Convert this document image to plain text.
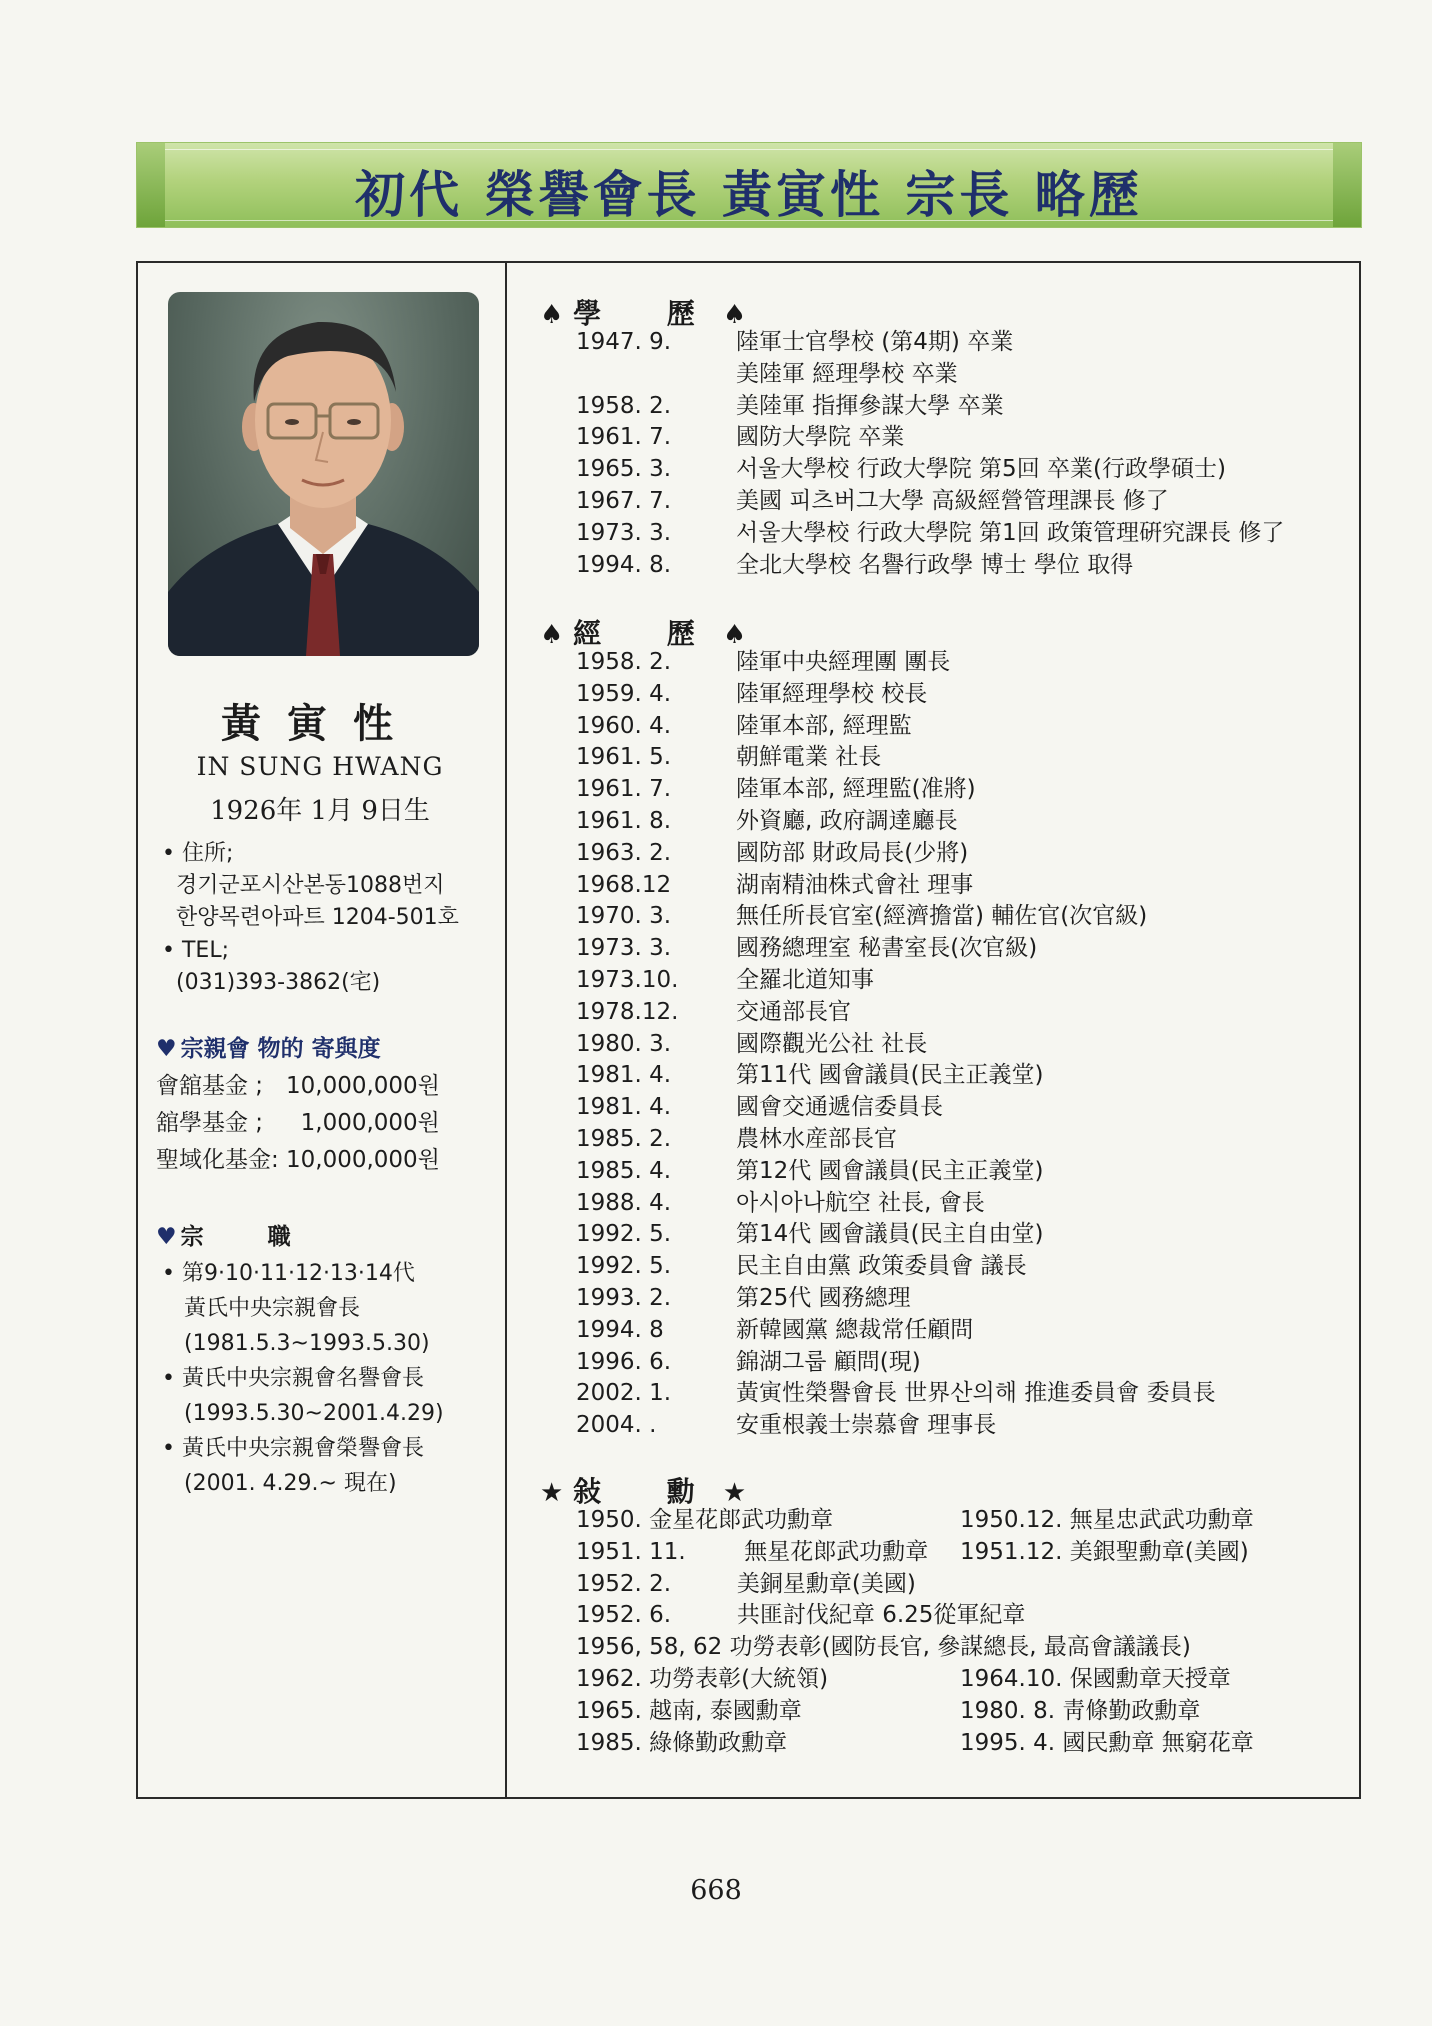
初代 榮譽會長 黃寅性 宗長 略歷
黃寅性
IN SUNG HWANG
1926年 1月 9日生
• 住所;
경기군포시산본동1088번지
한양목련아파트 1204-501호
• TEL;
(031)393-3862(宅)
♥ 宗親會 物的 寄與度
會舘基金 ; 10,000,000원
舘學基金 ;  1,000,000원
聖域化基金: 10,000,000원
♥ 宗 職
• 第9·10·11·12·13·14代
黃氏中央宗親會長
(1981.5.3~1993.5.30)
• 黃氏中央宗親會名譽會長
(1993.5.30~2001.4.29)
• 黃氏中央宗親會榮譽會長
(2001. 4.29.~ 現在)
♠ 學 歷♠
1947. 9.	陸軍士官學校 (第4期) 卒業
美陸軍 經理學校 卒業
1958. 2.	美陸軍 指揮參謀大學 卒業
1961. 7.	國防大學院 卒業
1965. 3.	서울大學校 行政大學院 第5回 卒業(行政學碩士)
1967. 7.	美國 피츠버그大學 高級經營管理課長 修了
1973. 3.	서울大學校 行政大學院 第1回 政策管理硏究課長 修了
1994. 8.	全北大學校 名譽行政學 博士 學位 取得
♠ 經 歷♠
1958. 2.	陸軍中央經理團 團長
1959. 4.	陸軍經理學校 校長
1960. 4.	陸軍本部, 經理監
1961. 5.	朝鮮電業 社長
1961. 7.	陸軍本部, 經理監(准將)
1961. 8.	外資廳, 政府調達廳長
1963. 2.	國防部 財政局長(少將)
1968.12	湖南精油株式會社 理事
1970. 3.	無任所長官室(經濟擔當) 輔佐官(次官級)
1973. 3.	國務總理室 秘書室長(次官級)
1973.10.	全羅北道知事
1978.12.	交通部長官
1980. 3.	國際觀光公社 社長
1981. 4.	第11代 國會議員(民主正義堂)
1981. 4.	國會交通遞信委員長
1985. 2.	農林水産部長官
1985. 4.	第12代 國會議員(民主正義堂)
1988. 4.	아시아나航空 社長, 會長
1992. 5.	第14代 國會議員(民主自由堂)
1992. 5.	民主自由黨 政策委員會 議長
1993. 2.	第25代 國務總理
1994. 8	新韓國黨 總裁常任顧問
1996. 6.	錦湖그룹 顧問(現)
2002. 1.	黃寅性榮譽會長 世界산의해 推進委員會 委員長
2004. .	安重根義士崇慕會 理事長
★ 敍 勳★
1950. 金星花郞武功勳章	1950.12. 無星忠武武功勳章
1951. 11.        無星花郞武功勳章 1951.12. 美銀聖勳章(美國)
1952. 2.         美銅星勳章(美國)
1952. 6.         共匪討伐紀章 6.25從軍紀章
1956, 58, 62 功勞表彰(國防長官, 參謀總長, 最高會議議長)
1962. 功勞表彰(大統領)	1964.10. 保國勳章天授章
1965. 越南, 泰國勳章	1980. 8. 靑條勤政勳章
1985. 綠條勤政勳章	1995. 4. 國民勳章 無窮花章
668
